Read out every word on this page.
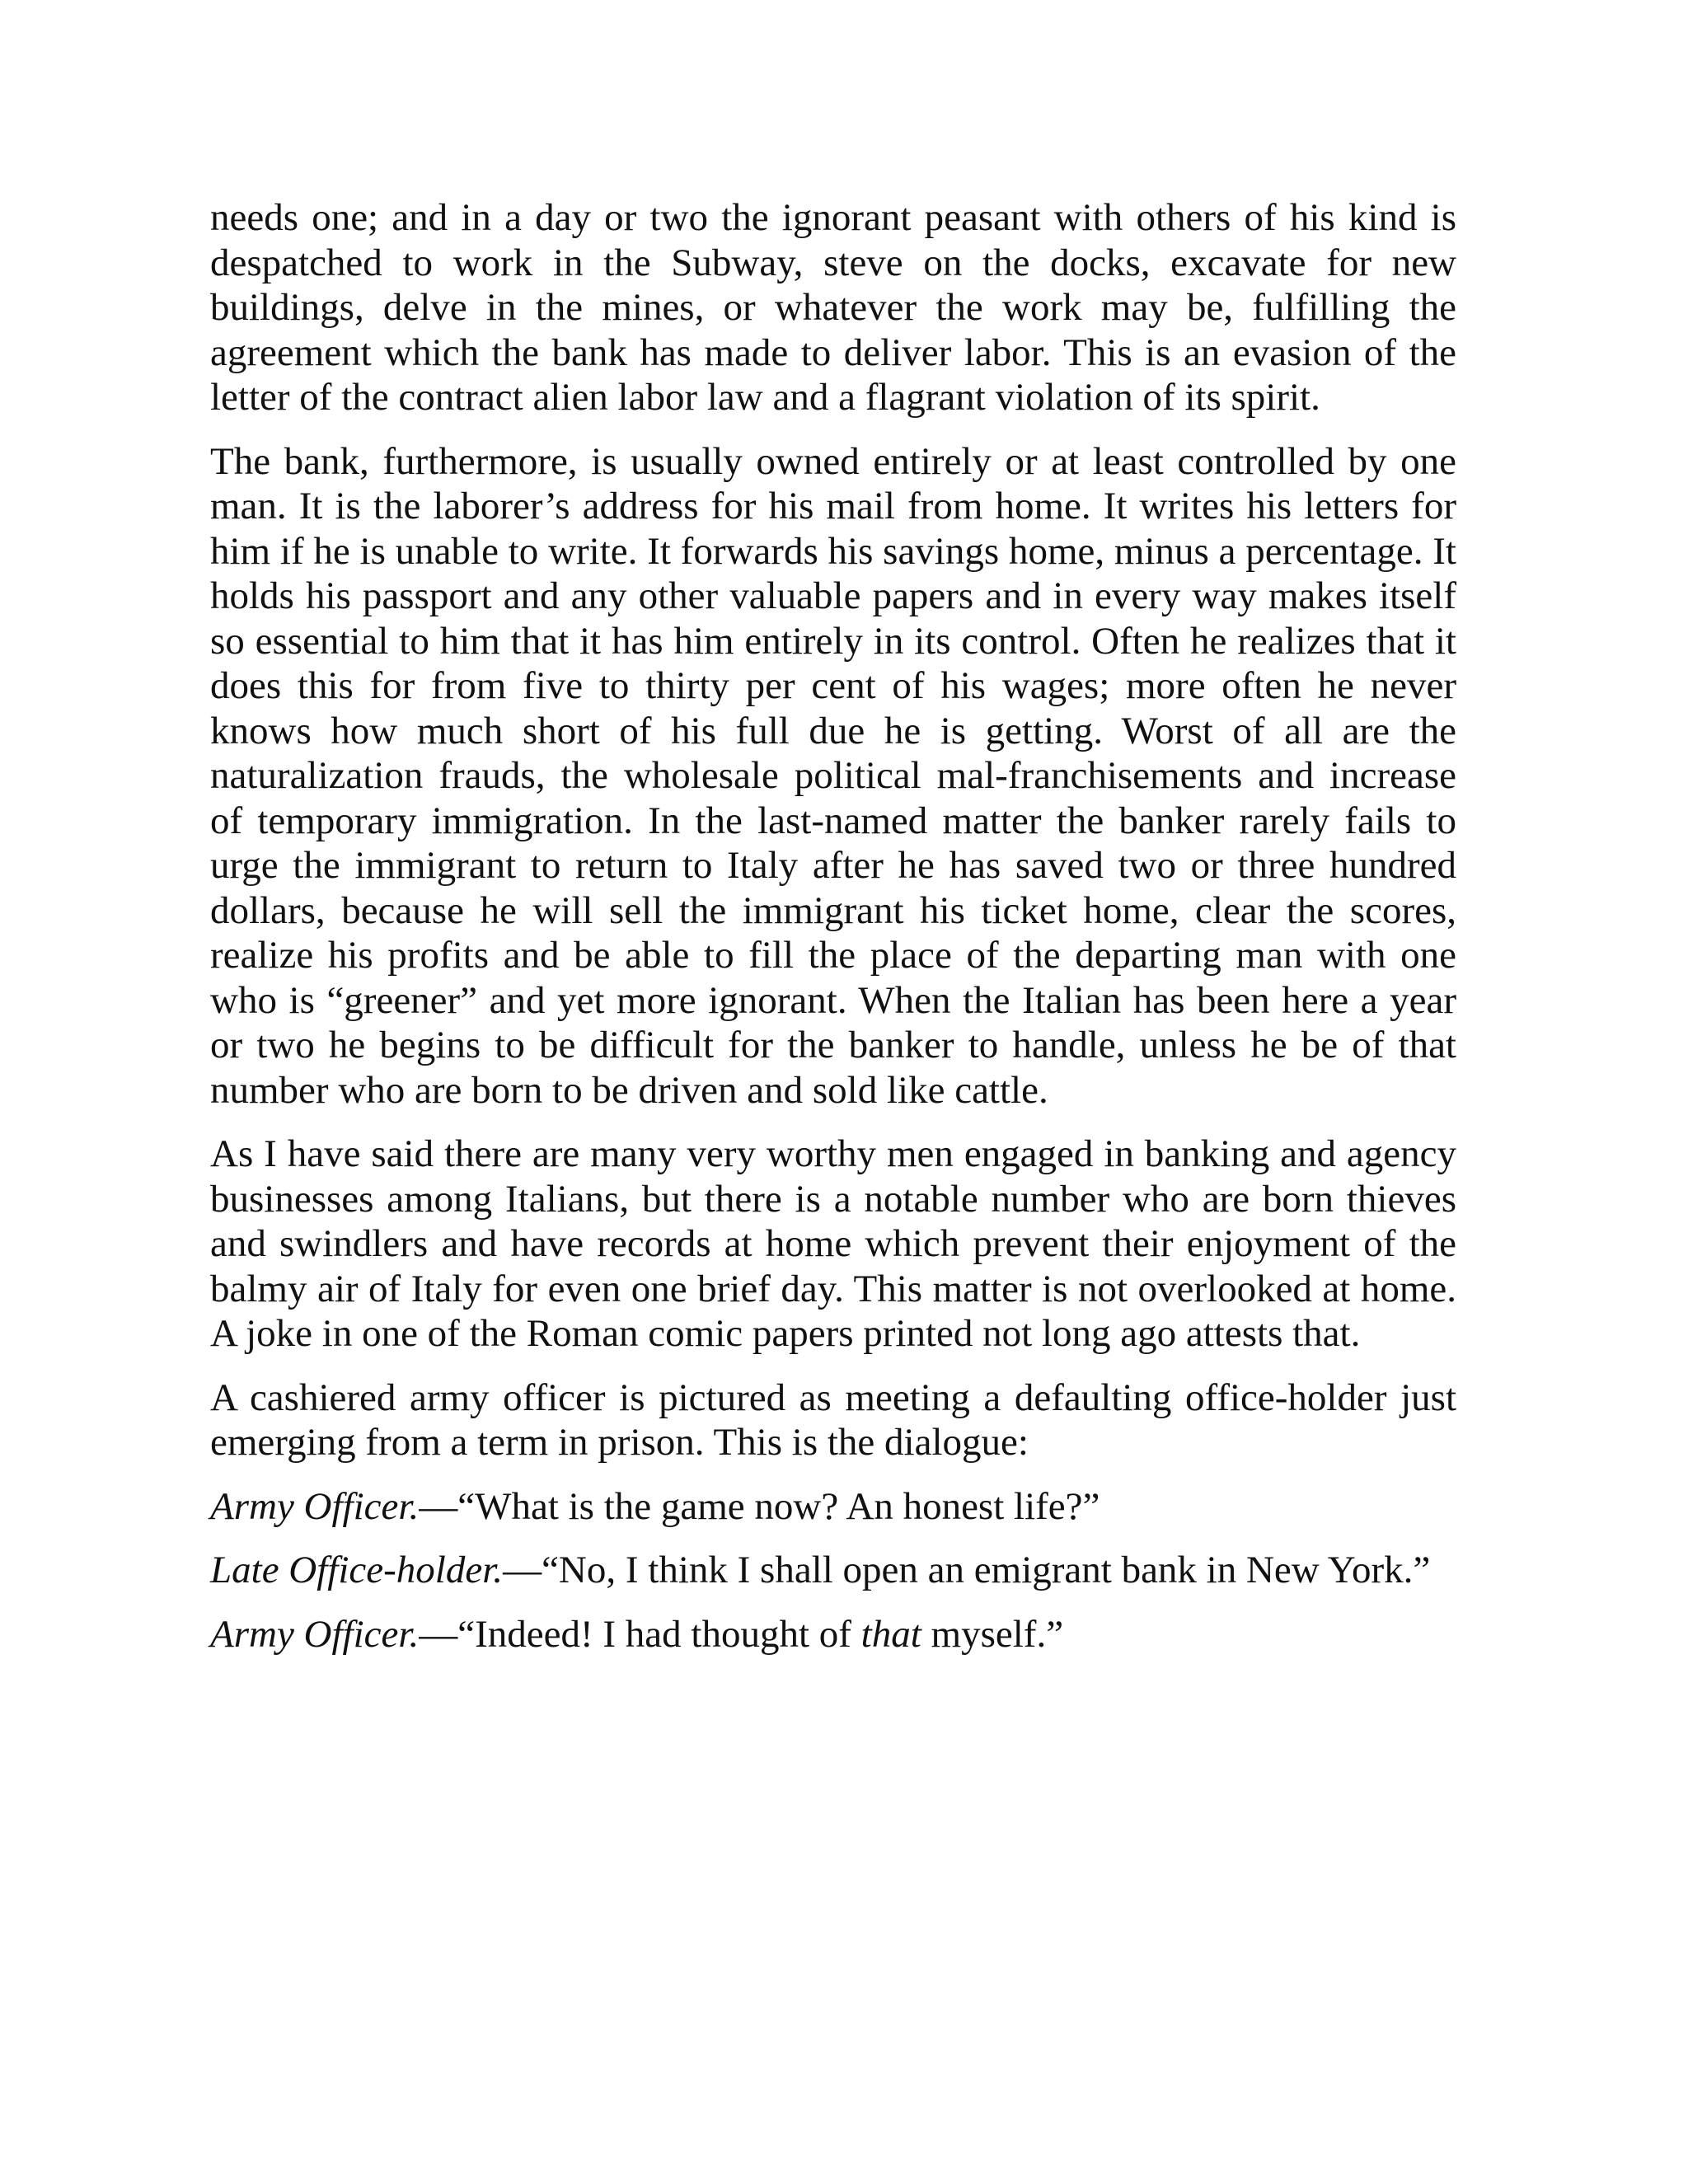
needs one; and in a day or two the ignorant peasant with others of his kind is despatched to work in the Subway, steve on the docks, excavate for new buildings, delve in the mines, or whatever the work may be, fulfilling the agreement which the bank has made to deliver labor. This is an evasion of the letter of the contract alien labor law and a flagrant violation of its spirit.

The bank, furthermore, is usually owned entirely or at least controlled by one man. It is the laborer’s address for his mail from home. It writes his letters for him if he is unable to write. It forwards his savings home, minus a percentage. It holds his passport and any other valuable papers and in every way makes itself so essential to him that it has him entirely in its control. Often he realizes that it does this for from five to thirty per cent of his wages; more often he never knows how much short of his full due he is getting. Worst of all are the naturalization frauds, the wholesale political mal-franchisements and increase of temporary immigration. In the last-named matter the banker rarely fails to urge the immigrant to return to Italy after he has saved two or three hundred dollars, because he will sell the immigrant his ticket home, clear the scores, realize his profits and be able to fill the place of the departing man with one who is “greener” and yet more ignorant. When the Italian has been here a year or two he begins to be difficult for the banker to handle, unless he be of that number who are born to be driven and sold like cattle.

As I have said there are many very worthy men engaged in banking and agency businesses among Italians, but there is a notable number who are born thieves and swindlers and have records at home which prevent their enjoyment of the balmy air of Italy for even one brief day. This matter is not overlooked at home. A joke in one of the Roman comic papers printed not long ago attests that.

A cashiered army officer is pictured as meeting a defaulting office-holder just emerging from a term in prison. This is the dialogue:

Army Officer.—“What is the game now? An honest life?”

Late Office-holder.—“No, I think I shall open an emigrant bank in New York.”

Army Officer.—“Indeed! I had thought of that myself.”
